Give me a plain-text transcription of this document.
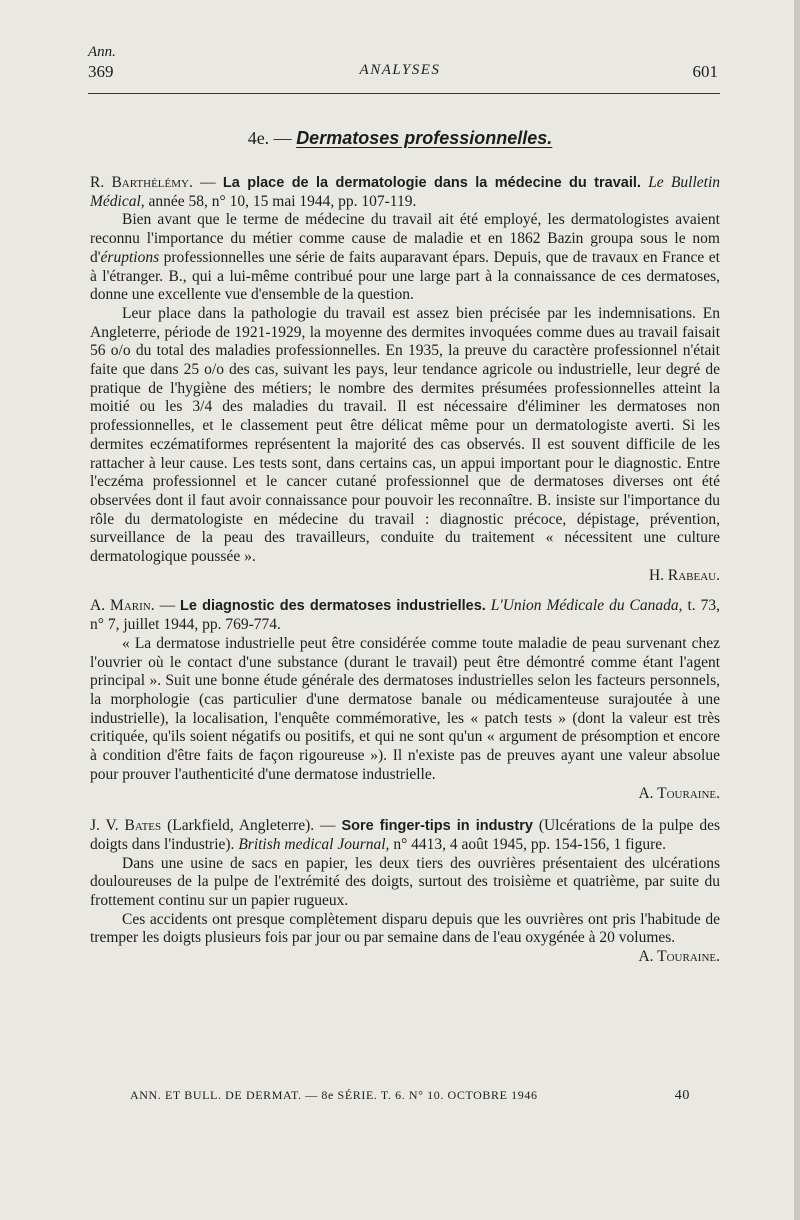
Ann.
369	ANALYSES	601
4e. — Dermatoses professionnelles.

R. Barthélémy. — La place de la dermatologie dans la médecine du travail. Le Bulletin Médical, année 58, n° 10, 15 mai 1944, pp. 107-119.

Bien avant que le terme de médecine du travail ait été employé, les dermatologistes avaient reconnu l'importance du métier comme cause de maladie et en 1862 Bazin groupa sous le nom d'éruptions professionnelles une série de faits auparavant épars. Depuis, que de travaux en France et à l'étranger. B., qui a lui-même contribué pour une large part à la connaissance de ces dermatoses, donne une excellente vue d'ensemble de la question.

Leur place dans la pathologie du travail est assez bien précisée par les indemnisations. En Angleterre, période de 1921-1929, la moyenne des dermites invoquées comme dues au travail faisait 56 o/o du total des maladies professionnelles. En 1935, la preuve du caractère professionnel n'était faite que dans 25 o/o des cas, suivant les pays, leur tendance agricole ou industrielle, leur degré de pratique de l'hygiène des métiers; le nombre des dermites présumées professionnelles atteint la moitié ou les 3/4 des maladies du travail. Il est nécessaire d'éliminer les dermatoses non professionnelles, et le classement peut être délicat même pour un dermatologiste averti. Si les dermites eczématiformes représentent la majorité des cas observés. Il est souvent difficile de les rattacher à leur cause. Les tests sont, dans certains cas, un appui important pour le diagnostic. Entre l'eczéma professionnel et le cancer cutané professionnel que de dermatoses diverses ont été observées dont il faut avoir connaissance pour pouvoir les reconnaître. B. insiste sur l'importance du rôle du dermatologiste en médecine du travail : diagnostic précoce, dépistage, prévention, surveillance de la peau des travailleurs, conduite du traitement « nécessitent une culture dermatologique poussée ».

H. Rabeau.

A. Marin. — Le diagnostic des dermatoses industrielles. L'Union Médicale du Canada, t. 73, n° 7, juillet 1944, pp. 769-774.

« La dermatose industrielle peut être considérée comme toute maladie de peau survenant chez l'ouvrier où le contact d'une substance (durant le travail) peut être démontré comme étant l'agent principal ». Suit une bonne étude générale des dermatoses industrielles selon les facteurs personnels, la morphologie (cas particulier d'une dermatose banale ou médicamenteuse surajoutée à une industrielle), la localisation, l'enquête commémorative, les « patch tests » (dont la valeur est très critiquée, qu'ils soient négatifs ou positifs, et qui ne sont qu'un « argument de présomption et encore à condition d'être faits de façon rigoureuse »). Il n'existe pas de preuves ayant une valeur absolue pour prouver l'authenticité d'une dermatose industrielle.

A. Touraine.

J. V. Bates (Larkfield, Angleterre). — Sore finger-tips in industry (Ulcérations de la pulpe des doigts dans l'industrie). British medical Journal, n° 4413, 4 août 1945, pp. 154-156, 1 figure.

Dans une usine de sacs en papier, les deux tiers des ouvrières présentaient des ulcérations douloureuses de la pulpe de l'extrémité des doigts, surtout des troisième et quatrième, par suite du frottement continu sur un papier rugueux.

Ces accidents ont presque complètement disparu depuis que les ouvrières ont pris l'habitude de tremper les doigts plusieurs fois par jour ou par semaine dans de l'eau oxygénée à 20 volumes.

A. Touraine.

ANN. ET BULL. DE DERMAT. — 8e SÉRIE. T. 6. N° 10. OCTOBRE 1946	40
